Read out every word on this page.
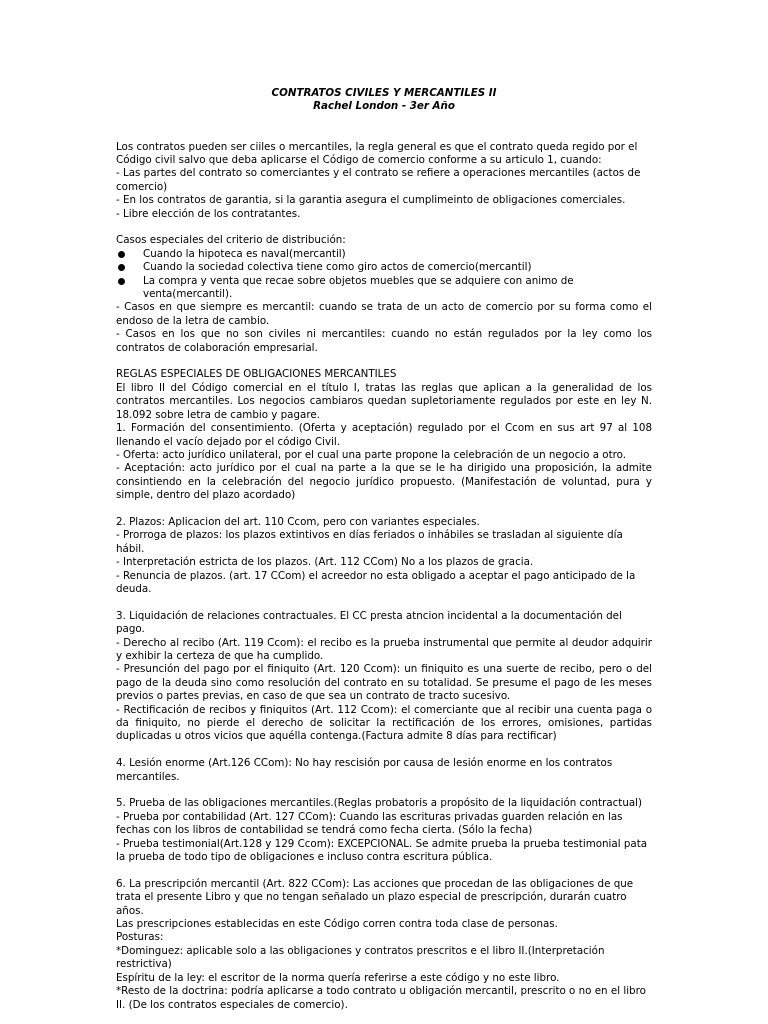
CONTRATOS CIVILES Y MERCANTILES II

Rachel London - 3er Año

Los contratos pueden ser ciiles o mercantiles, la regla general es que el contrato queda regido por el Código civil salvo que deba aplicarse el Código de comercio conforme a su articulo 1, cuando:

- Las partes del contrato so comerciantes y el contrato se refiere a operaciones mercantiles (actos de comercio)

- En los contratos de garantia, si la garantia asegura el cumplimeinto de obligaciones comerciales.

- Libre elección de los contratantes.

Casos especiales del criterio de distribución:

Cuando la hipoteca es naval(mercantil)
Cuando la sociedad colectiva tiene como giro actos de comercio(mercantil)
La compra y venta que recae sobre objetos muebles que se adquiere con animo de venta(mercantil).

- Casos en que siempre es mercantil: cuando se trata de un acto de comercio por su forma como el endoso de la letra de cambio.

- Casos en los que no son civiles ni mercantiles: cuando no están regulados por la ley como los contratos de colaboración empresarial.

REGLAS ESPECIALES DE OBLIGACIONES MERCANTILES

El libro II del Código comercial en el título I, tratas las reglas que aplican a la generalidad de los contratos mercantiles. Los negocios cambiaros quedan supletoriamente regulados por este en ley N. 18.092 sobre letra de cambio y pagare.

1. Formación del consentimiento. (Oferta y aceptación) regulado por el Ccom en sus art 97 al 108 llenando el vacío dejado por el código Civil.

- Oferta: acto jurídico unilateral, por el cual una parte propone la celebración de un negocio a otro.

- Aceptación: acto jurídico por el cual na parte a la que se le ha dirigido una proposición, la admite consintiendo en la celebración del negocio jurídico propuesto. (Manifestación de voluntad, pura y simple, dentro del plazo acordado)

2. Plazos: Aplicacion del art. 110 Ccom, pero con variantes especiales.

- Prorroga de plazos: los plazos extintivos en días feriados o inhábiles se trasladan al siguiente día hábil.

- Interpretación estricta de los plazos. (Art. 112 CCom) No a los plazos de gracia.

- Renuncia de plazos. (art. 17 CCom) el acreedor no esta obligado a aceptar el pago anticipado de la deuda.

3. Liquidación de relaciones contractuales. El CC presta atncion incidental a la documentación del pago.

- Derecho al recibo (Art. 119 Ccom): el recibo es la prueba instrumental que permite al deudor adquirir y exhibir la certeza de que ha cumplido.

- Presunción del pago por el finiquito (Art. 120 Ccom): un finiquito es una suerte de recibo, pero o del pago de la deuda sino como resolución del contrato en su totalidad. Se presume el pago de les meses previos o partes previas, en caso de que sea un contrato de tracto sucesivo.

- Rectificación de recibos y finiquitos (Art. 112 Ccom): el comerciante que al recibir una cuenta paga o da finiquito, no pierde el derecho de solicitar la rectificación de los errores, omisiones, partidas duplicadas u otros vicios que aquélla contenga.(Factura admite 8 días para rectificar)

4. Lesión enorme (Art.126 CCom): No hay rescisión por causa de lesión enorme en los contratos mercantiles.

5. Prueba de las obligaciones mercantiles.(Reglas probatoris a propósito de la liquidación contractual)

- Prueba por contabilidad (Art. 127 CCom): Cuando las escrituras privadas guarden relación en las fechas con los libros de contabilidad se tendrá como fecha cierta. (Sólo la fecha)

- Prueba testimonial(Art.128 y 129 Ccom): EXCEPCIONAL. Se admite prueba la prueba testimonial pata la prueba de todo tipo de obligaciones e incluso contra escritura pública.

6. La prescripción mercantil (Art. 822 CCom): Las acciones que procedan de las obligaciones de que trata el presente Libro y que no tengan señalado un plazo especial de prescripción, durarán cuatro años.

Las prescripciones establecidas en este Código corren contra toda clase de personas.

Posturas:

*Dominguez: aplicable solo a las obligaciones y contratos prescritos e el libro II.(Interpretación restrictiva)

Espíritu de la ley: el escritor de la norma quería referirse a este código y no este libro.

*Resto de la doctrina: podría aplicarse a todo contrato u obligación mercantil, prescrito o no en el libro II. (De los contratos especiales de comercio).
